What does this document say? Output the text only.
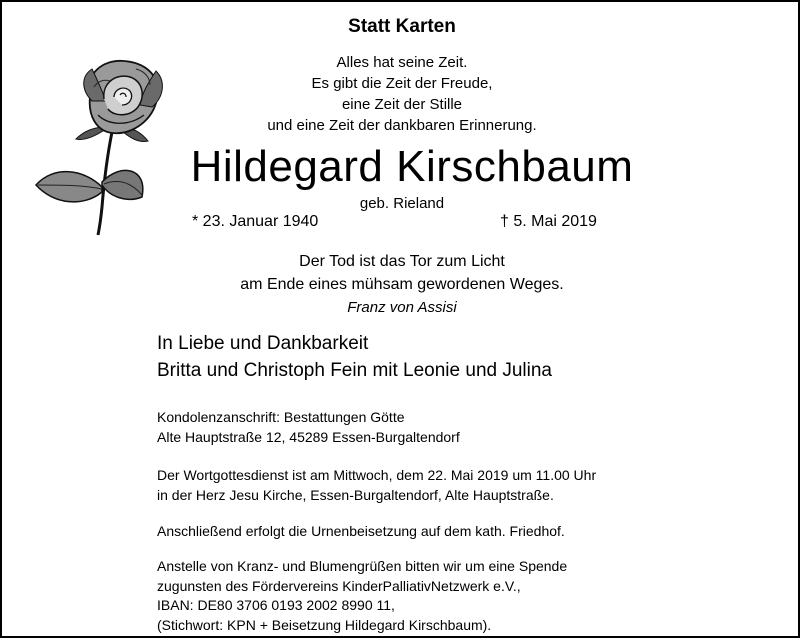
Statt Karten
Alles hat seine Zeit.
Es gibt die Zeit der Freude,
eine Zeit der Stille
und eine Zeit der dankbaren Erinnerung.
Hildegard Kirschbaum
geb. Rieland
* 23. Januar 1940	† 5. Mai 2019
Der Tod ist das Tor zum Licht
am Ende eines mühsam gewordenen Weges.
Franz von Assisi
In Liebe und Dankbarkeit
Britta und Christoph Fein mit Leonie und Julina
Kondolenzanschrift: Bestattungen Götte
Alte Hauptstraße 12, 45289 Essen-Burgaltendorf
Der Wortgottesdienst ist am Mittwoch, dem 22. Mai 2019 um 11.00 Uhr
in der Herz Jesu Kirche, Essen-Burgaltendorf, Alte Hauptstraße.
Anschließend erfolgt die Urnenbeisetzung auf dem kath. Friedhof.
Anstelle von Kranz- und Blumengrüßen bitten wir um eine Spende
zugunsten des Fördervereins KinderPalliativNetzwerk e.V.,
IBAN: DE80 3706 0193 2002 8990 11,
(Stichwort: KPN + Beisetzung Hildegard Kirschbaum).
